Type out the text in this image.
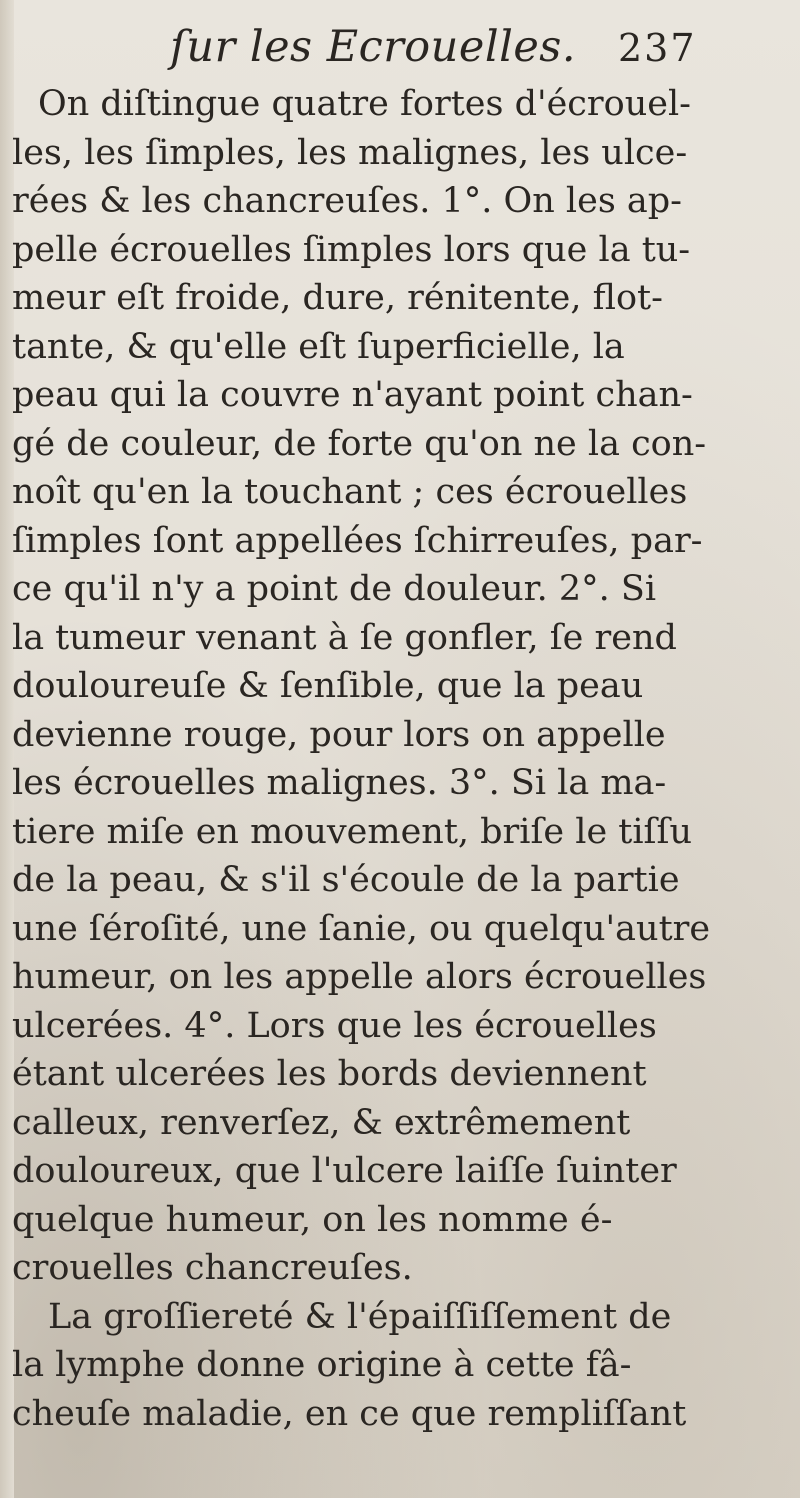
ſur les Ecrouelles. 237
On diſtingue quatre fortes d'écrouel-
les, les ſimples, les malignes, les ulce-
rées & les chancreuſes. 1°. On les ap-
pelle écrouelles ſimples lors que la tu-
meur eſt froide, dure, rénitente, flot-
tante, & qu'elle eſt ſuperficielle, la
peau qui la couvre n'ayant point chan-
gé de couleur, de forte qu'on ne la con-
noît qu'en la touchant ; ces écrouelles
ſimples ſont appellées ſchirreuſes, par-
ce qu'il n'y a point de douleur. 2°. Si
la tumeur venant à ſe gonfler, ſe rend
douloureuſe & ſenſible, que la peau
devienne rouge, pour lors on appelle
les écrouelles malignes. 3°. Si la ma-
tiere miſe en mouvement, briſe le tiſſu
de la peau, & s'il s'écoule de la partie
une ſéroſité, une ſanie, ou quelqu'autre
humeur, on les appelle alors écrouelles
ulcerées. 4°. Lors que les écrouelles
étant ulcerées les bords deviennent
calleux, renverſez, & extrêmement
douloureux, que l'ulcere laiſſe ſuinter
quelque humeur, on les nomme é-
crouelles chancreuſes.
La groſſiereté & l'épaiſſiſſement de
la lymphe donne origine à cette fâ-
cheuſe maladie, en ce que rempliſſant
